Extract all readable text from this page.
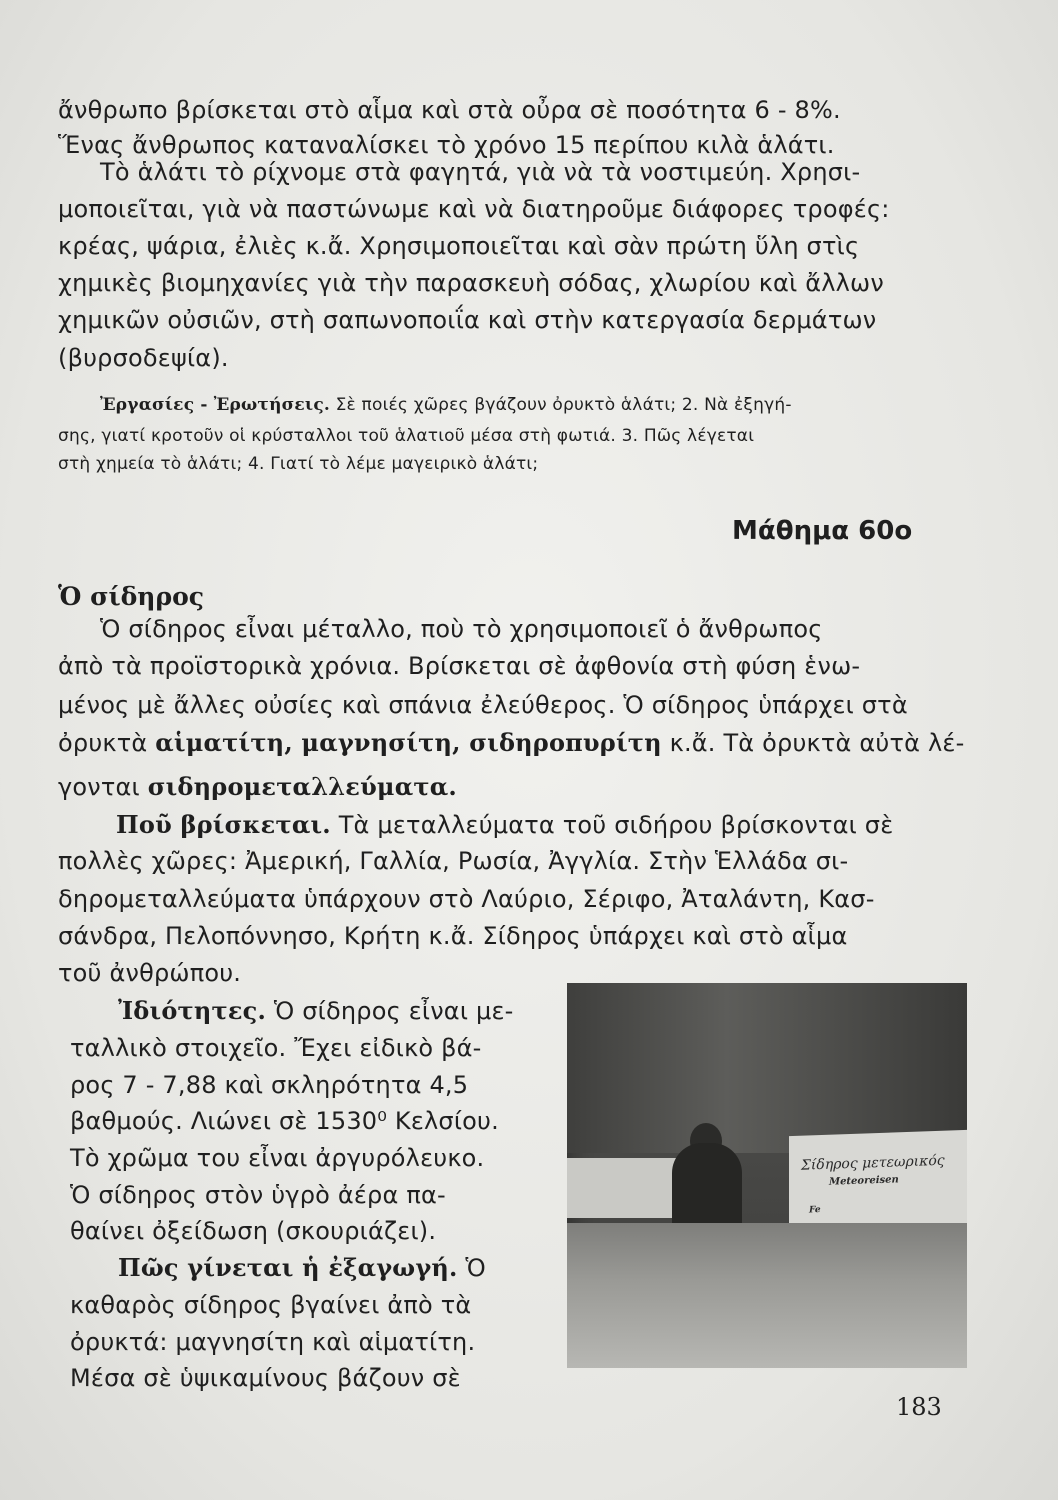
ἄνθρωπο βρίσκεται στὸ αἷμα καὶ στὰ οὖρα σὲ ποσότητα 6 - 8%.
Ἕνας ἄνθρωπος καταναλίσκει τὸ χρόνο 15 περίπου κιλὰ ἁλάτι.
Τὸ ἁλάτι τὸ ρίχνομε στὰ φαγητά, γιὰ νὰ τὰ νοστιμεύη. Χρησι-
μοποιεῖται, γιὰ νὰ παστώνωμε καὶ νὰ διατηροῦμε διάφορες τροφές:
κρέας, ψάρια, ἐλιὲς κ.ἄ. Χρησιμοποιεῖται καὶ σὰν πρώτη ὕλη στὶς
χημικὲς βιομηχανίες γιὰ τὴν παρασκευὴ σόδας, χλωρίου καὶ ἄλλων
χημικῶν οὐσιῶν, στὴ σαπωνοποιΐα καὶ στὴν κατεργασία δερμάτων
(βυρσοδεψία).
Ἐργασίες - Ἐρωτήσεις. Σὲ ποιές χῶρες βγάζουν ὀρυκτὸ ἁλάτι; 2. Νὰ ἐξηγή-
σης, γιατί κροτοῦν οἱ κρύσταλλοι τοῦ ἁλατιοῦ μέσα στὴ φωτιά. 3. Πῶς λέγεται
στὴ χημεία τὸ ἁλάτι; 4. Γιατί τὸ λέμε μαγειρικὸ ἁλάτι;
Μάθημα 60ο
Ὁ σίδηρος
Ὁ σίδηρος εἶναι μέταλλο, ποὺ τὸ χρησιμοποιεῖ ὁ ἄνθρωπος
ἀπὸ τὰ προϊστορικὰ χρόνια. Βρίσκεται σὲ ἀφθονία στὴ φύση ἑνω-
μένος μὲ ἄλλες οὐσίες καὶ σπάνια ἐλεύθερος. Ὁ σίδηρος ὑπάρχει στὰ
ὀρυκτὰ αἱματίτη, μαγνησίτη, σιδηροπυρίτη κ.ἄ. Τὰ ὀρυκτὰ αὐτὰ λέ-
γονται σιδηρομεταλλεύματα.
Ποῦ βρίσκεται. Τὰ μεταλλεύματα τοῦ σιδήρου βρίσκονται σὲ
πολλὲς χῶρες: Ἀμερική, Γαλλία, Ρωσία, Ἀγγλία. Στὴν Ἑλλάδα σι-
δηρομεταλλεύματα ὑπάρχουν στὸ Λαύριο, Σέριφο, Ἀταλάντη, Κασ-
σάνδρα, Πελοπόννησο, Κρήτη κ.ἄ. Σίδηρος ὑπάρχει καὶ στὸ αἷμα
τοῦ ἀνθρώπου.
Ἰδιότητες. Ὁ σίδηρος εἶναι με-
ταλλικὸ στοιχεῖο. Ἔχει εἰδικὸ βά-
ρος 7 - 7,88 καὶ σκληρότητα 4,5
βαθμούς. Λιώνει σὲ 1530⁰ Κελσίου.
Τὸ χρῶμα του εἶναι ἀργυρόλευκο.
Ὁ σίδηρος στὸν ὑγρὸ ἀέρα πα-
θαίνει ὀξείδωση (σκουριάζει).
Πῶς γίνεται ἡ ἐξαγωγή. Ὁ
καθαρὸς σίδηρος βγαίνει ἀπὸ τὰ
ὀρυκτά: μαγνησίτη καὶ αἱματίτη.
Μέσα σὲ ὑψικαμίνους βάζουν σὲ
Σίδηρος μετεωρικός
Meteoreisen
Fe
183
